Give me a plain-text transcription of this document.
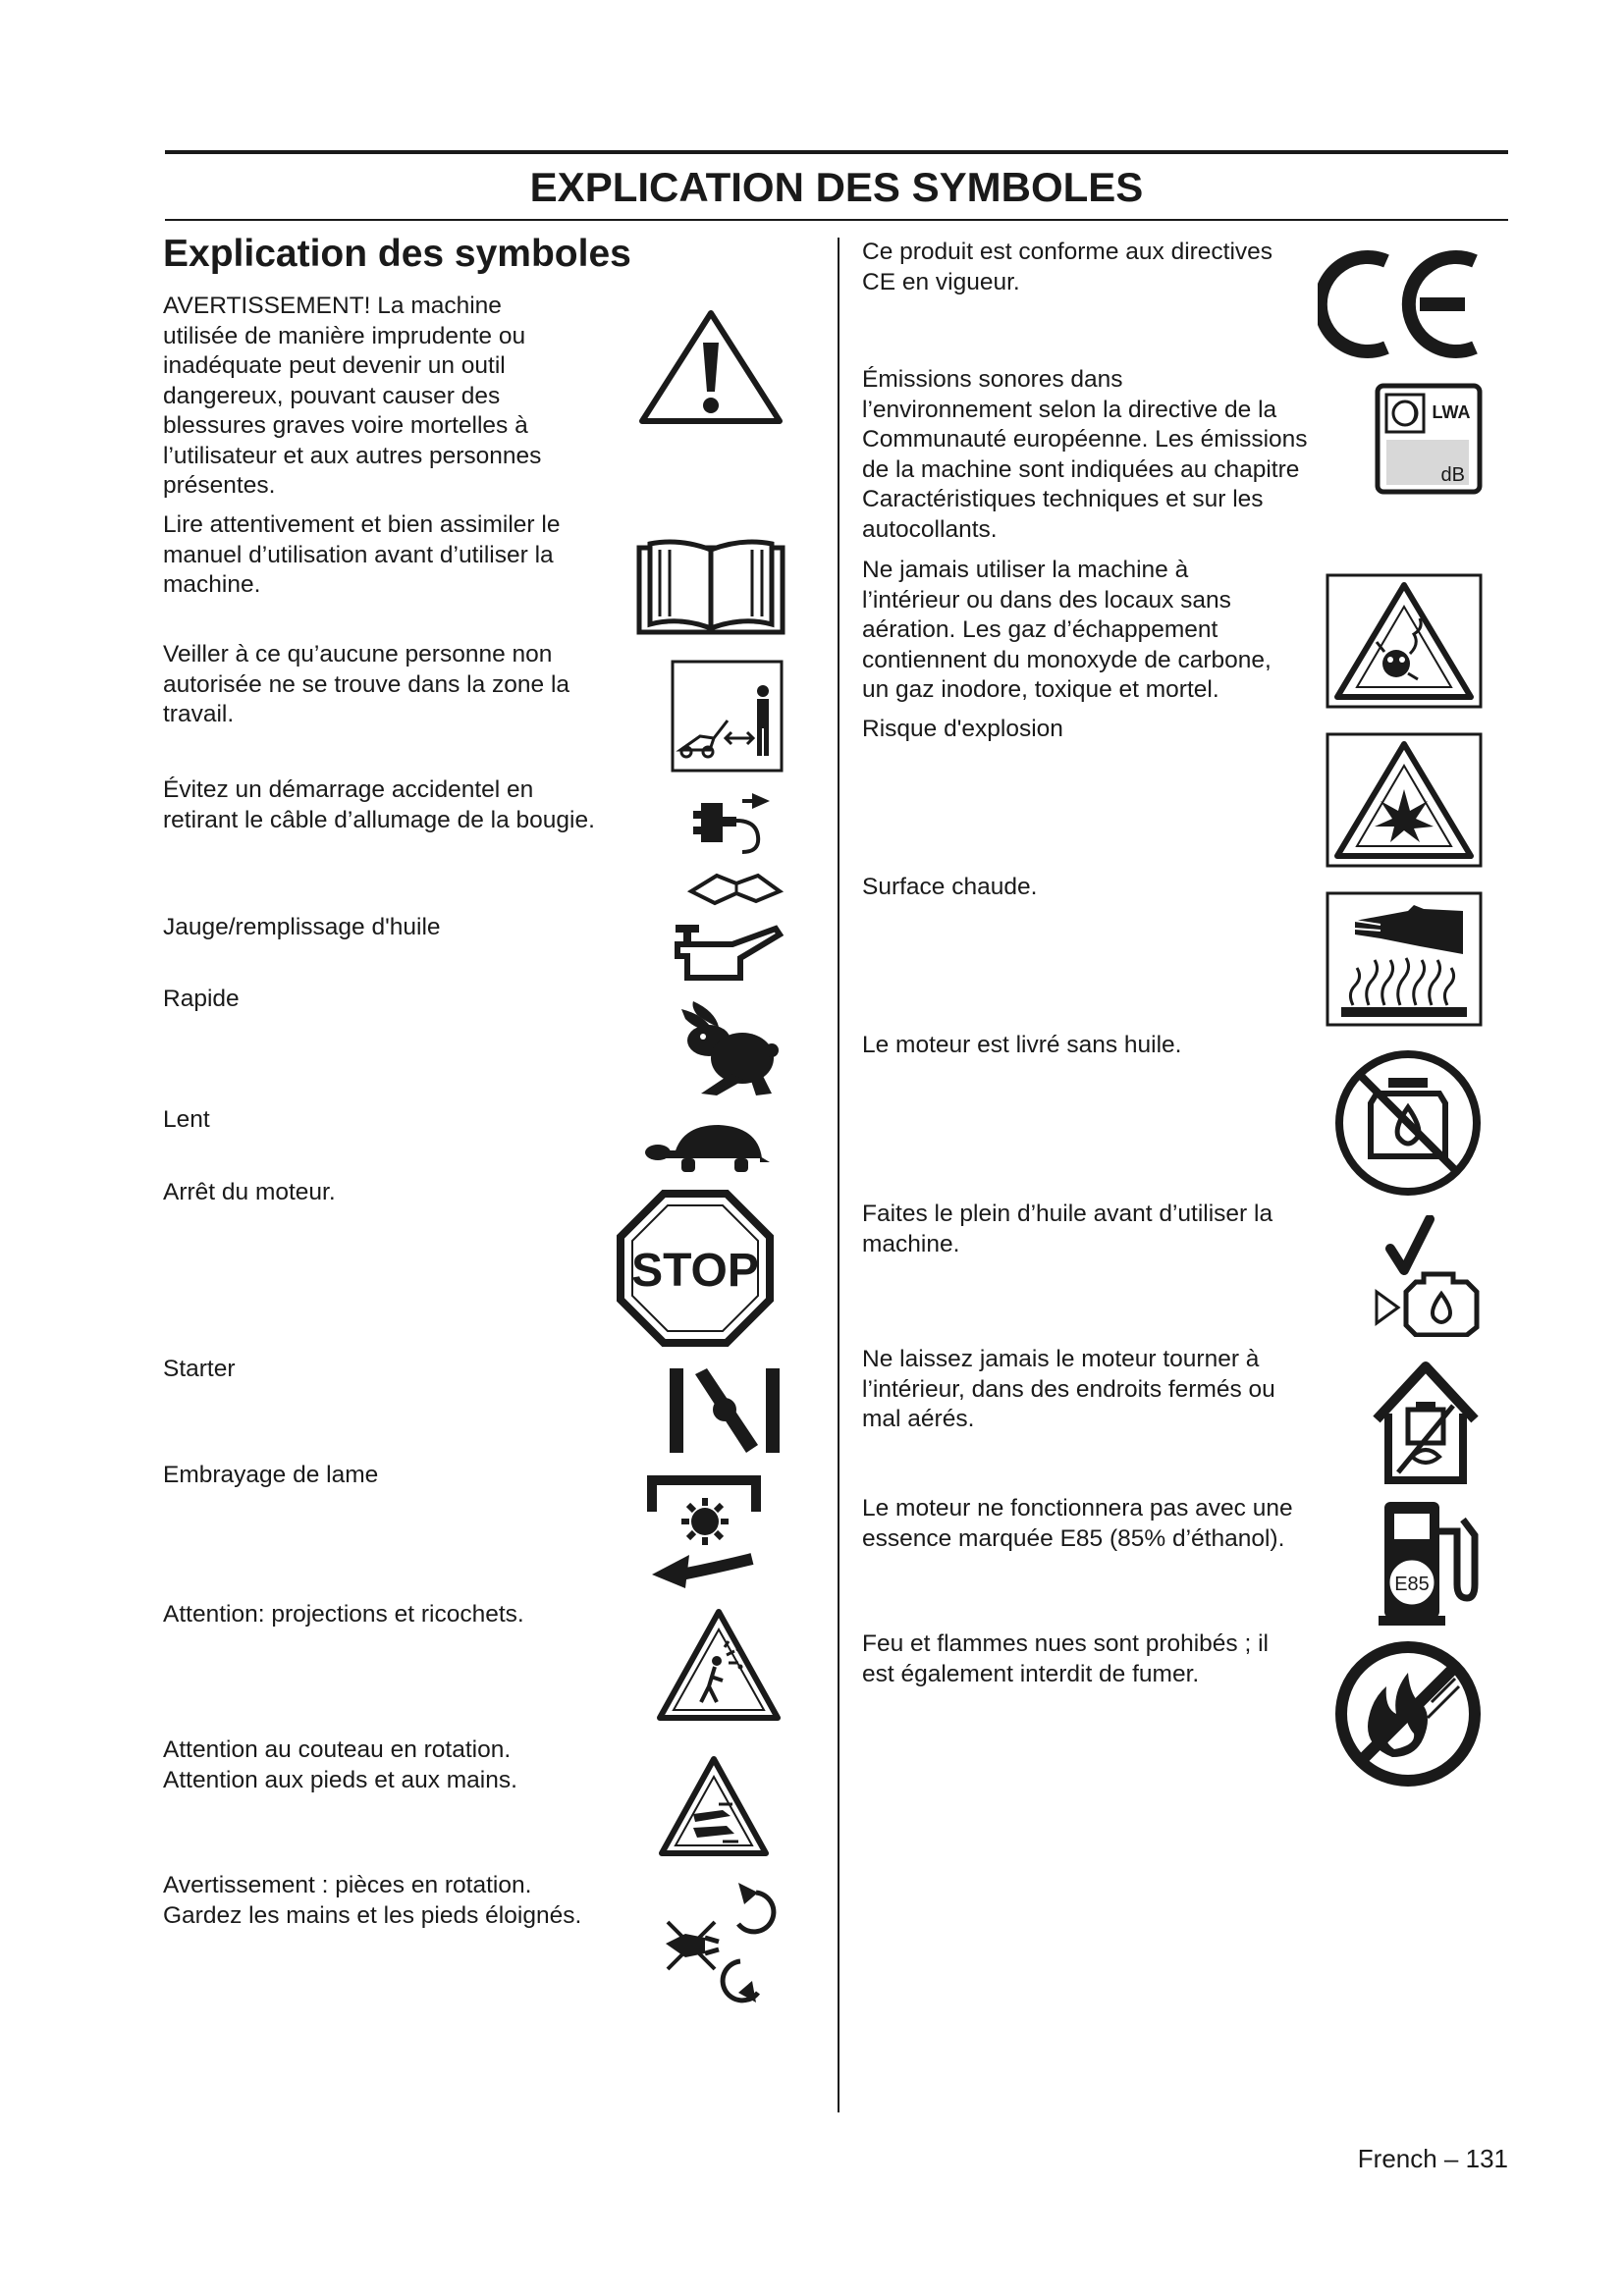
EXPLICATION DES SYMBOLES
Explication des symboles
AVERTISSEMENT! La machine
utilisée de manière imprudente ou
inadéquate peut devenir un outil
dangereux, pouvant causer des
blessures graves voire mortelles à
l’utilisateur et aux autres personnes
présentes.
Lire attentivement et bien assimiler le
manuel d’utilisation avant d’utiliser la
machine.
Veiller à ce qu’aucune personne non
autorisée ne se trouve dans la zone la
travail.
Évitez un démarrage accidentel en
retirant le câble d’allumage de la bougie.
Jauge/remplissage d'huile
Rapide
Lent
Arrêt du moteur.
Starter
Embrayage de lame
Attention: projections et ricochets.
Attention au couteau en rotation.
Attention aux pieds et aux mains.
Avertissement : pièces en rotation.
Gardez les mains et les pieds éloignés.
Ce produit est conforme aux directives
CE en vigueur.
Émissions sonores dans
l’environnement selon la directive de la
Communauté européenne. Les émissions
de la machine sont indiquées au chapitre
Caractéristiques techniques et sur les
autocollants.
Ne jamais utiliser la machine à
l’intérieur ou dans des locaux sans
aération. Les gaz d’échappement
contiennent du monoxyde de carbone,
un gaz inodore, toxique et mortel.
Risque d'explosion
Surface chaude.
Le moteur est livré sans huile.
Faites le plein d’huile avant d’utiliser la
machine.
Ne laissez jamais le moteur tourner à
l’intérieur, dans des endroits fermés ou
mal aérés.
Le moteur ne fonctionnera pas avec une
essence marquée E85 (85% d’éthanol).
Feu et flammes nues sont prohibés ; il
est également interdit de fumer.
STOP
LWA
dB
E85
French – 131
